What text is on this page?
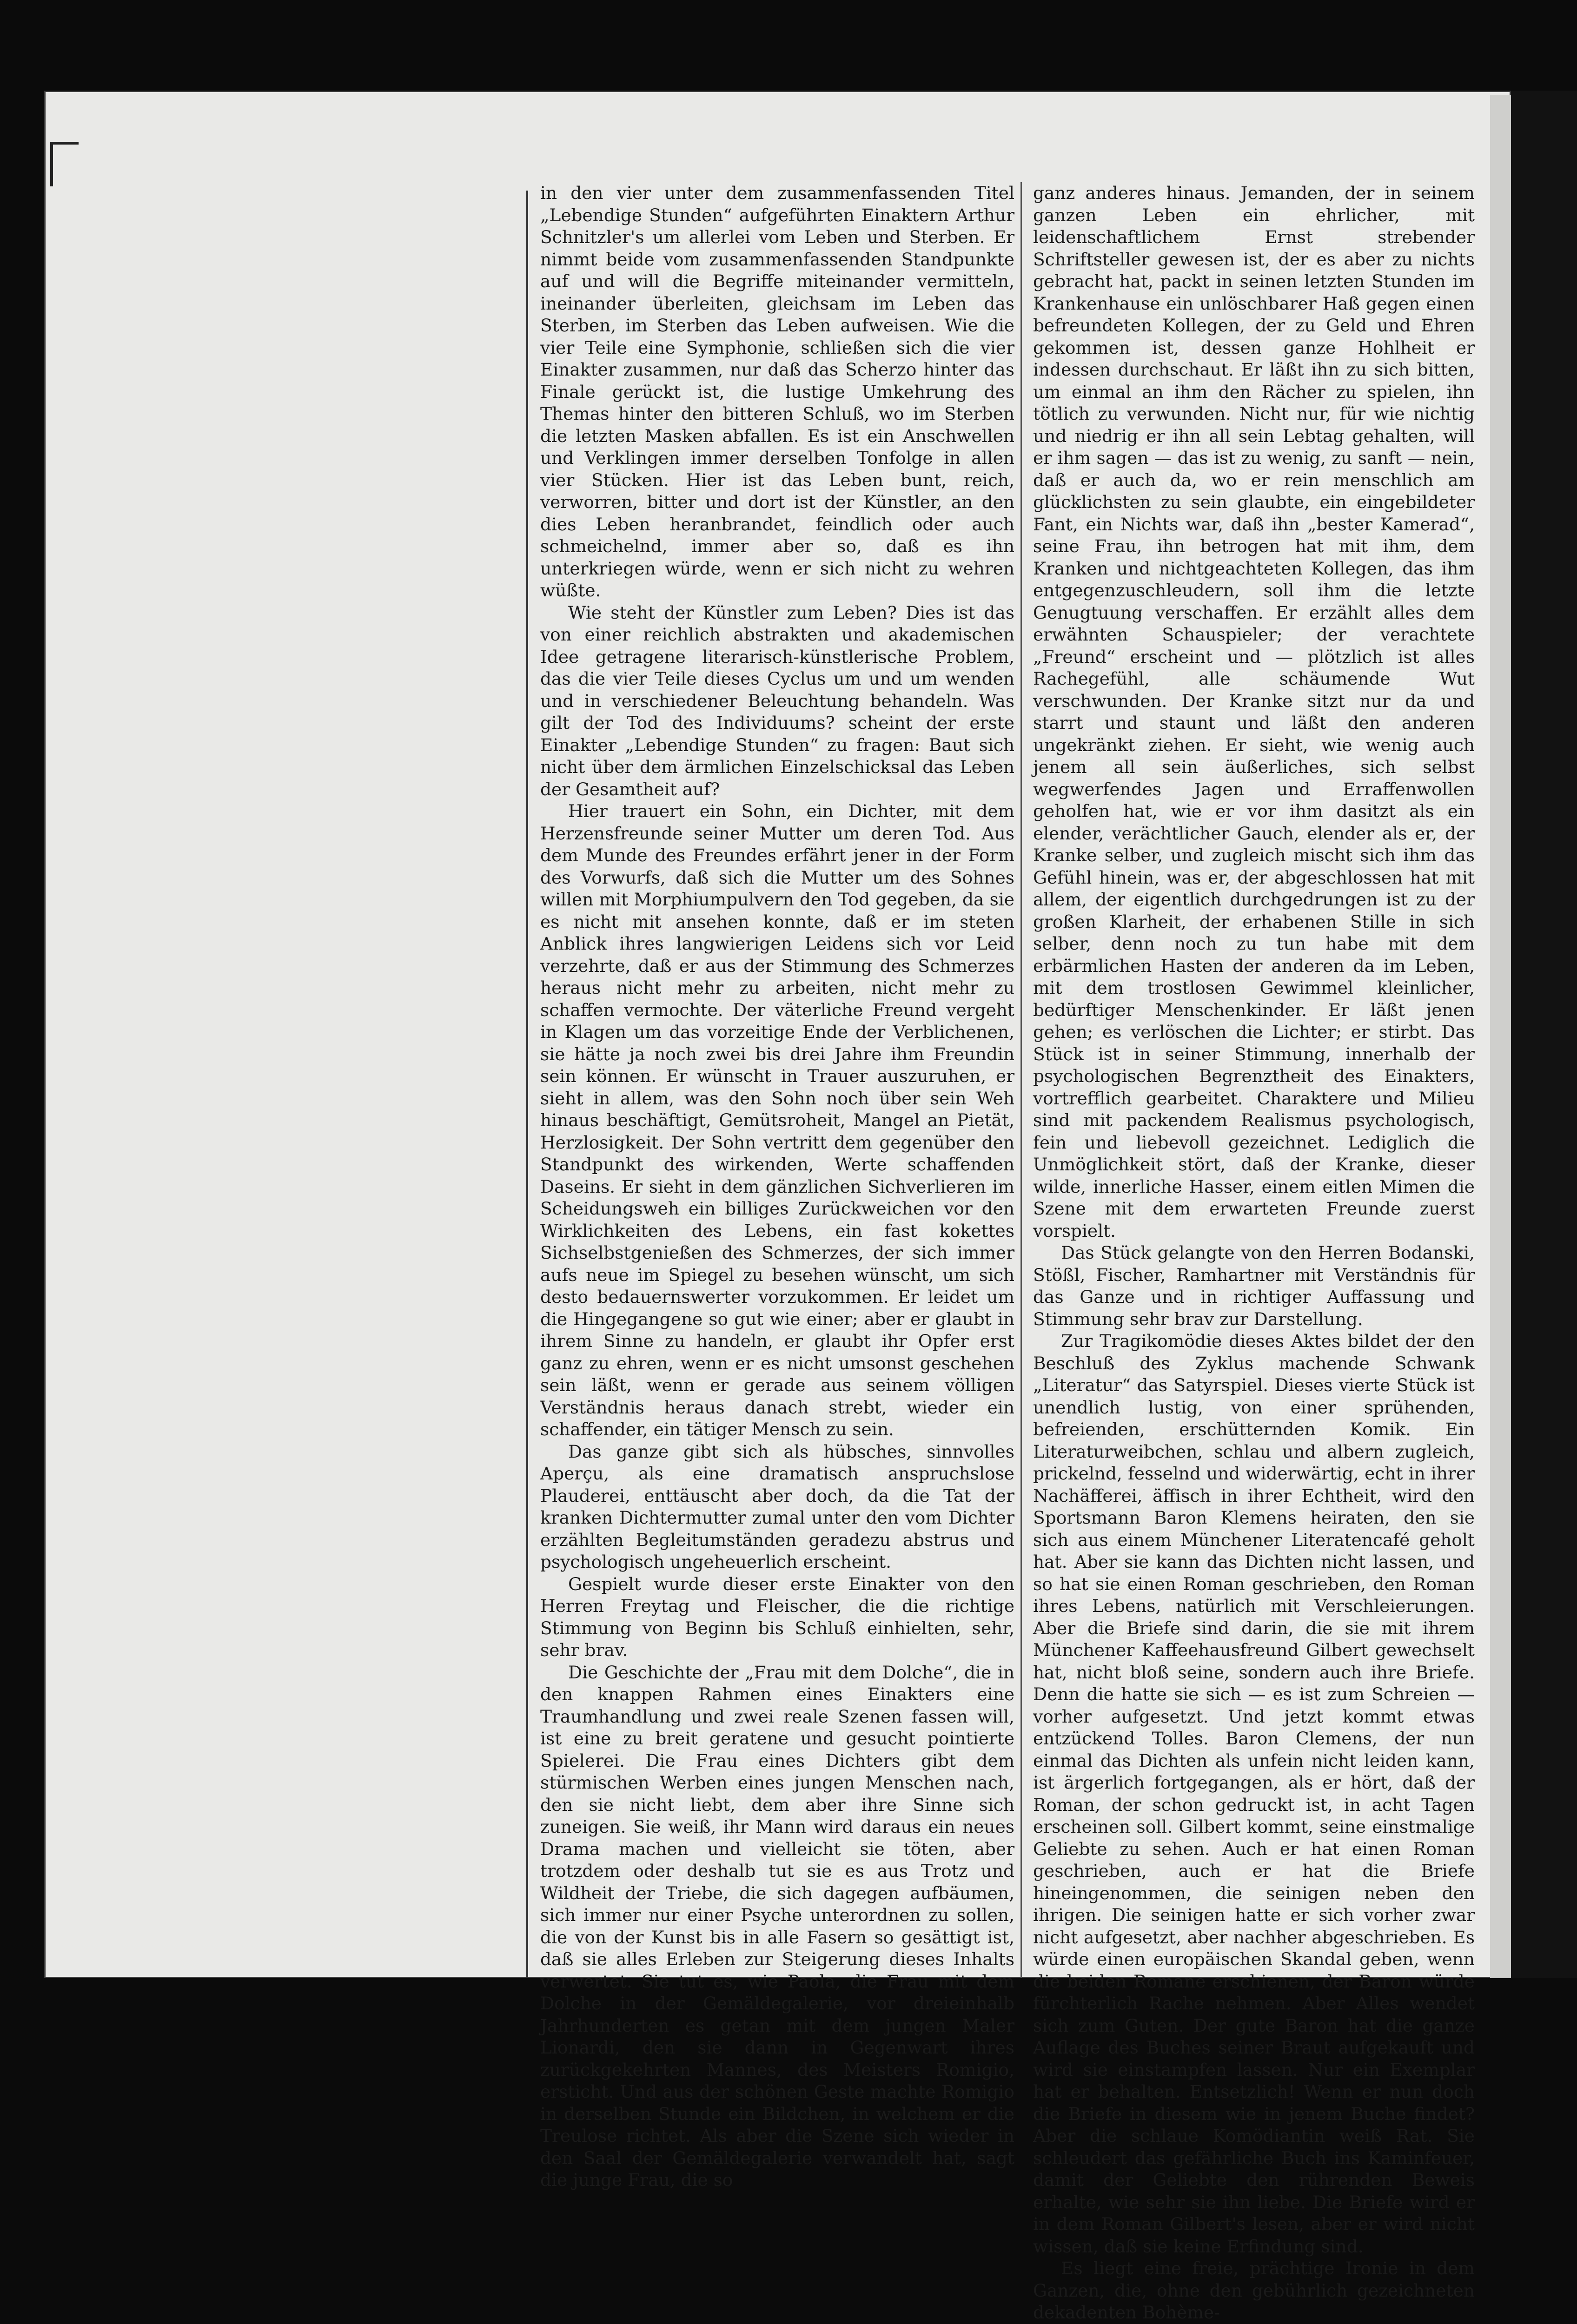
in den vier unter dem zusammenfassenden Titel „Lebendige Stunden“ aufgeführten Einaktern Arthur Schnitzler's um allerlei vom Leben und Sterben. Er nimmt beide vom zusammenfassenden Standpunkte auf und will die Begriffe miteinander vermitteln, ineinander überleiten, gleichsam im Leben das Sterben, im Sterben das Leben aufweisen. Wie die vier Teile eine Symphonie, schließen sich die vier Einakter zusammen, nur daß das Scherzo hinter das Finale gerückt ist, die lustige Umkehrung des Themas hinter den bitteren Schluß, wo im Sterben die letzten Masken abfallen. Es ist ein Anschwellen und Verklingen immer derselben Tonfolge in allen vier Stücken. Hier ist das Leben bunt, reich, verworren, bitter und dort ist der Künstler, an den dies Leben heranbrandet, feindlich oder auch schmeichelnd, immer aber so, daß es ihn unterkriegen würde, wenn er sich nicht zu wehren wüßte.

Wie steht der Künstler zum Leben? Dies ist das von einer reichlich abstrakten und akademischen Idee getragene literarisch-künstlerische Problem, das die vier Teile dieses Cyclus um und um wenden und in verschiedener Beleuchtung behandeln. Was gilt der Tod des Individuums? scheint der erste Einakter „Lebendige Stunden“ zu fragen: Baut sich nicht über dem ärmlichen Einzelschicksal das Leben der Gesamtheit auf?

Hier trauert ein Sohn, ein Dichter, mit dem Herzensfreunde seiner Mutter um deren Tod. Aus dem Munde des Freundes erfährt jener in der Form des Vorwurfs, daß sich die Mutter um des Sohnes willen mit Morphiumpulvern den Tod gegeben, da sie es nicht mit ansehen konnte, daß er im steten Anblick ihres langwierigen Leidens sich vor Leid verzehrte, daß er aus der Stimmung des Schmerzes heraus nicht mehr zu arbeiten, nicht mehr zu schaffen vermochte. Der väterliche Freund vergeht in Klagen um das vorzeitige Ende der Verblichenen, sie hätte ja noch zwei bis drei Jahre ihm Freundin sein können. Er wünscht in Trauer auszuruhen, er sieht in allem, was den Sohn noch über sein Weh hinaus beschäftigt, Gemütsroheit, Mangel an Pietät, Herzlosigkeit. Der Sohn vertritt dem gegenüber den Standpunkt des wirkenden, Werte schaffenden Daseins. Er sieht in dem gänzlichen Sichverlieren im Scheidungsweh ein billiges Zurückweichen vor den Wirklichkeiten des Lebens, ein fast kokettes Sichselbstgenießen des Schmerzes, der sich immer aufs neue im Spiegel zu besehen wünscht, um sich desto bedauernswerter vorzukommen. Er leidet um die Hingegangene so gut wie einer; aber er glaubt in ihrem Sinne zu handeln, er glaubt ihr Opfer erst ganz zu ehren, wenn er es nicht umsonst geschehen sein läßt, wenn er gerade aus seinem völligen Verständnis heraus danach strebt, wieder ein schaffender, ein tätiger Mensch zu sein.

Das ganze gibt sich als hübsches, sinnvolles Aperçu, als eine dramatisch anspruchslose Plauderei, enttäuscht aber doch, da die Tat der kranken Dichtermutter zumal unter den vom Dichter erzählten Begleitumständen geradezu abstrus und psychologisch ungeheuerlich erscheint.

Gespielt wurde dieser erste Einakter von den Herren Freytag und Fleischer, die die richtige Stimmung von Beginn bis Schluß einhielten, sehr, sehr brav.

Die Geschichte der „Frau mit dem Dolche“, die in den knappen Rahmen eines Einakters eine Traumhandlung und zwei reale Szenen fassen will, ist eine zu breit geratene und gesucht pointierte Spielerei. Die Frau eines Dichters gibt dem stürmischen Werben eines jungen Menschen nach, den sie nicht liebt, dem aber ihre Sinne sich zuneigen. Sie weiß, ihr Mann wird daraus ein neues Drama machen und vielleicht sie töten, aber trotzdem oder deshalb tut sie es aus Trotz und Wildheit der Triebe, die sich dagegen aufbäumen, sich immer nur einer Psyche unterordnen zu sollen, die von der Kunst bis in alle Fasern so gesättigt ist, daß sie alles Erleben zur Steigerung dieses Inhalts verwertet. Sie tut es, wie Paola, die Frau mit dem Dolche in der Gemäldegalerie, vor dreieinhalb Jahrhunderten es getan mit dem jungen Maler Lionardi, den sie dann in Gegenwart ihres zurückgekehrten Mannes, des Meisters Romigio, ersticht. Und aus der schönen Geste machte Romigio in derselben Stunde ein Bildchen, in welchem er die Treulose richtet. Als aber die Szene sich wieder in den Saal der Gemäldegalerie verwandelt hat, sagt die junge Frau, die so

ganz anderes hinaus. Jemanden, der in seinem ganzen Leben ein ehrlicher, mit leidenschaftlichem Ernst strebender Schriftsteller gewesen ist, der es aber zu nichts gebracht hat, packt in seinen letzten Stunden im Krankenhause ein unlöschbarer Haß gegen einen befreundeten Kollegen, der zu Geld und Ehren gekommen ist, dessen ganze Hohlheit er indessen durchschaut. Er läßt ihn zu sich bitten, um einmal an ihm den Rächer zu spielen, ihn tötlich zu verwunden. Nicht nur, für wie nichtig und niedrig er ihn all sein Lebtag gehalten, will er ihm sagen — das ist zu wenig, zu sanft — nein, daß er auch da, wo er rein menschlich am glücklichsten zu sein glaubte, ein eingebildeter Fant, ein Nichts war, daß ihn „bester Kamerad“, seine Frau, ihn betrogen hat mit ihm, dem Kranken und nichtgeachteten Kollegen, das ihm entgegenzuschleudern, soll ihm die letzte Genugtuung verschaffen. Er erzählt alles dem erwähnten Schauspieler; der verachtete „Freund“ erscheint und — plötzlich ist alles Rachegefühl, alle schäumende Wut verschwunden. Der Kranke sitzt nur da und starrt und staunt und läßt den anderen ungekränkt ziehen. Er sieht, wie wenig auch jenem all sein äußerliches, sich selbst wegwerfendes Jagen und Erraffenwollen geholfen hat, wie er vor ihm dasitzt als ein elender, verächtlicher Gauch, elender als er, der Kranke selber, und zugleich mischt sich ihm das Gefühl hinein, was er, der abgeschlossen hat mit allem, der eigentlich durchgedrungen ist zu der großen Klarheit, der erhabenen Stille in sich selber, denn noch zu tun habe mit dem erbärmlichen Hasten der anderen da im Leben, mit dem trostlosen Gewimmel kleinlicher, bedürftiger Menschenkinder. Er läßt jenen gehen; es verlöschen die Lichter; er stirbt. Das Stück ist in seiner Stimmung, innerhalb der psychologischen Begrenztheit des Einakters, vortrefflich gearbeitet. Charaktere und Milieu sind mit packendem Realismus psychologisch, fein und liebevoll gezeichnet. Lediglich die Unmöglichkeit stört, daß der Kranke, dieser wilde, innerliche Hasser, einem eitlen Mimen die Szene mit dem erwarteten Freunde zuerst vorspielt.

Das Stück gelangte von den Herren Bodanski, Stößl, Fischer, Ramhartner mit Verständnis für das Ganze und in richtiger Auffassung und Stimmung sehr brav zur Darstellung.

Zur Tragikomödie dieses Aktes bildet der den Beschluß des Zyklus machende Schwank „Literatur“ das Satyrspiel. Dieses vierte Stück ist unendlich lustig, von einer sprühenden, befreienden, erschütternden Komik. Ein Literaturweibchen, schlau und albern zugleich, prickelnd, fesselnd und widerwärtig, echt in ihrer Nachäfferei, äffisch in ihrer Echtheit, wird den Sportsmann Baron Klemens heiraten, den sie sich aus einem Münchener Literatencafé geholt hat. Aber sie kann das Dichten nicht lassen, und so hat sie einen Roman geschrieben, den Roman ihres Lebens, natürlich mit Verschleierungen. Aber die Briefe sind darin, die sie mit ihrem Münchener Kaffeehausfreund Gilbert gewechselt hat, nicht bloß seine, sondern auch ihre Briefe. Denn die hatte sie sich — es ist zum Schreien — vorher aufgesetzt. Und jetzt kommt etwas entzückend Tolles. Baron Clemens, der nun einmal das Dichten als unfein nicht leiden kann, ist ärgerlich fortgegangen, als er hört, daß der Roman, der schon gedruckt ist, in acht Tagen erscheinen soll. Gilbert kommt, seine einstmalige Geliebte zu sehen. Auch er hat einen Roman geschrieben, auch er hat die Briefe hineingenommen, die seinigen neben den ihrigen. Die seinigen hatte er sich vorher zwar nicht aufgesetzt, aber nachher abgeschrieben. Es würde einen europäischen Skandal geben, wenn die beiden Romane erschienen, der Baron würde fürchterlich Rache nehmen. Aber Alles wendet sich zum Guten. Der gute Baron hat die ganze Auflage des Buches seiner Braut aufgekauft und wird sie einstampfen lassen. Nur ein Exemplar hat er behalten. Entsetzlich! Wenn er nun doch die Briefe in diesem wie in jenem Buche findet? Aber die schlaue Komödiantin weiß Rat. Sie schleudert das gefährliche Buch ins Kaminfeuer, damit der Geliebte den rührenden Beweis erhalte, wie sehr sie ihn liebe. Die Briefe wird er in dem Roman Gilbert's lesen, aber er wird nicht wissen, daß sie keine Erfindung sind.

Es liegt eine freie, prächtige Ironie in dem Ganzen, die, ohne den gebührlich gezeichneten dekadenten Bohème-
